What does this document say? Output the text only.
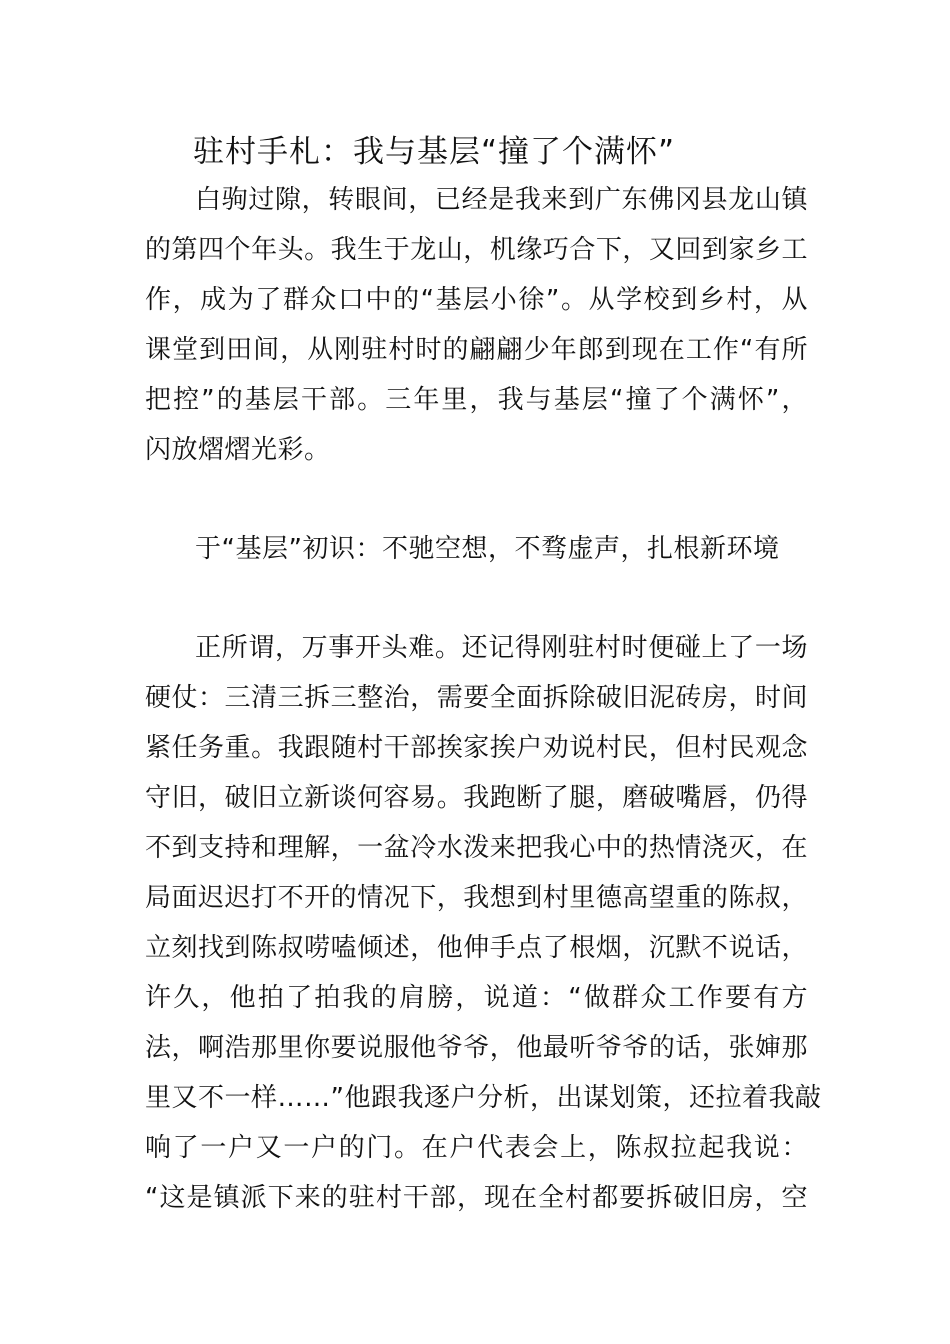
驻村手札：我与基层“撞了个满怀”
白驹过隙，转眼间，已经是我来到广东佛冈县龙山镇
的第四个年头。我生于龙山，机缘巧合下，又回到家乡工
作，成为了群众口中的“基层小徐”。从学校到乡村，从
课堂到田间，从刚驻村时的翩翩少年郎到现在工作“有所
把控”的基层干部。三年里，我与基层“撞了个满怀”，
闪放熠熠光彩。
于“基层”初识：不驰空想，不骛虚声，扎根新环境
正所谓，万事开头难。还记得刚驻村时便碰上了一场
硬仗：三清三拆三整治，需要全面拆除破旧泥砖房，时间
紧任务重。我跟随村干部挨家挨户劝说村民，但村民观念
守旧，破旧立新谈何容易。我跑断了腿，磨破嘴唇，仍得
不到支持和理解，一盆冷水泼来把我心中的热情浇灭，在
局面迟迟打不开的情况下，我想到村里德高望重的陈叔，
立刻找到陈叔唠嗑倾述，他伸手点了根烟，沉默不说话，
许久，他拍了拍我的肩膀，说道：“做群众工作要有方
法，啊浩那里你要说服他爷爷，他最听爷爷的话，张婶那
里又不一样……”他跟我逐户分析，出谋划策，还拉着我敲
响了一户又一户的门。在户代表会上，陈叔拉起我说：
“这是镇派下来的驻村干部，现在全村都要拆破旧房，空
